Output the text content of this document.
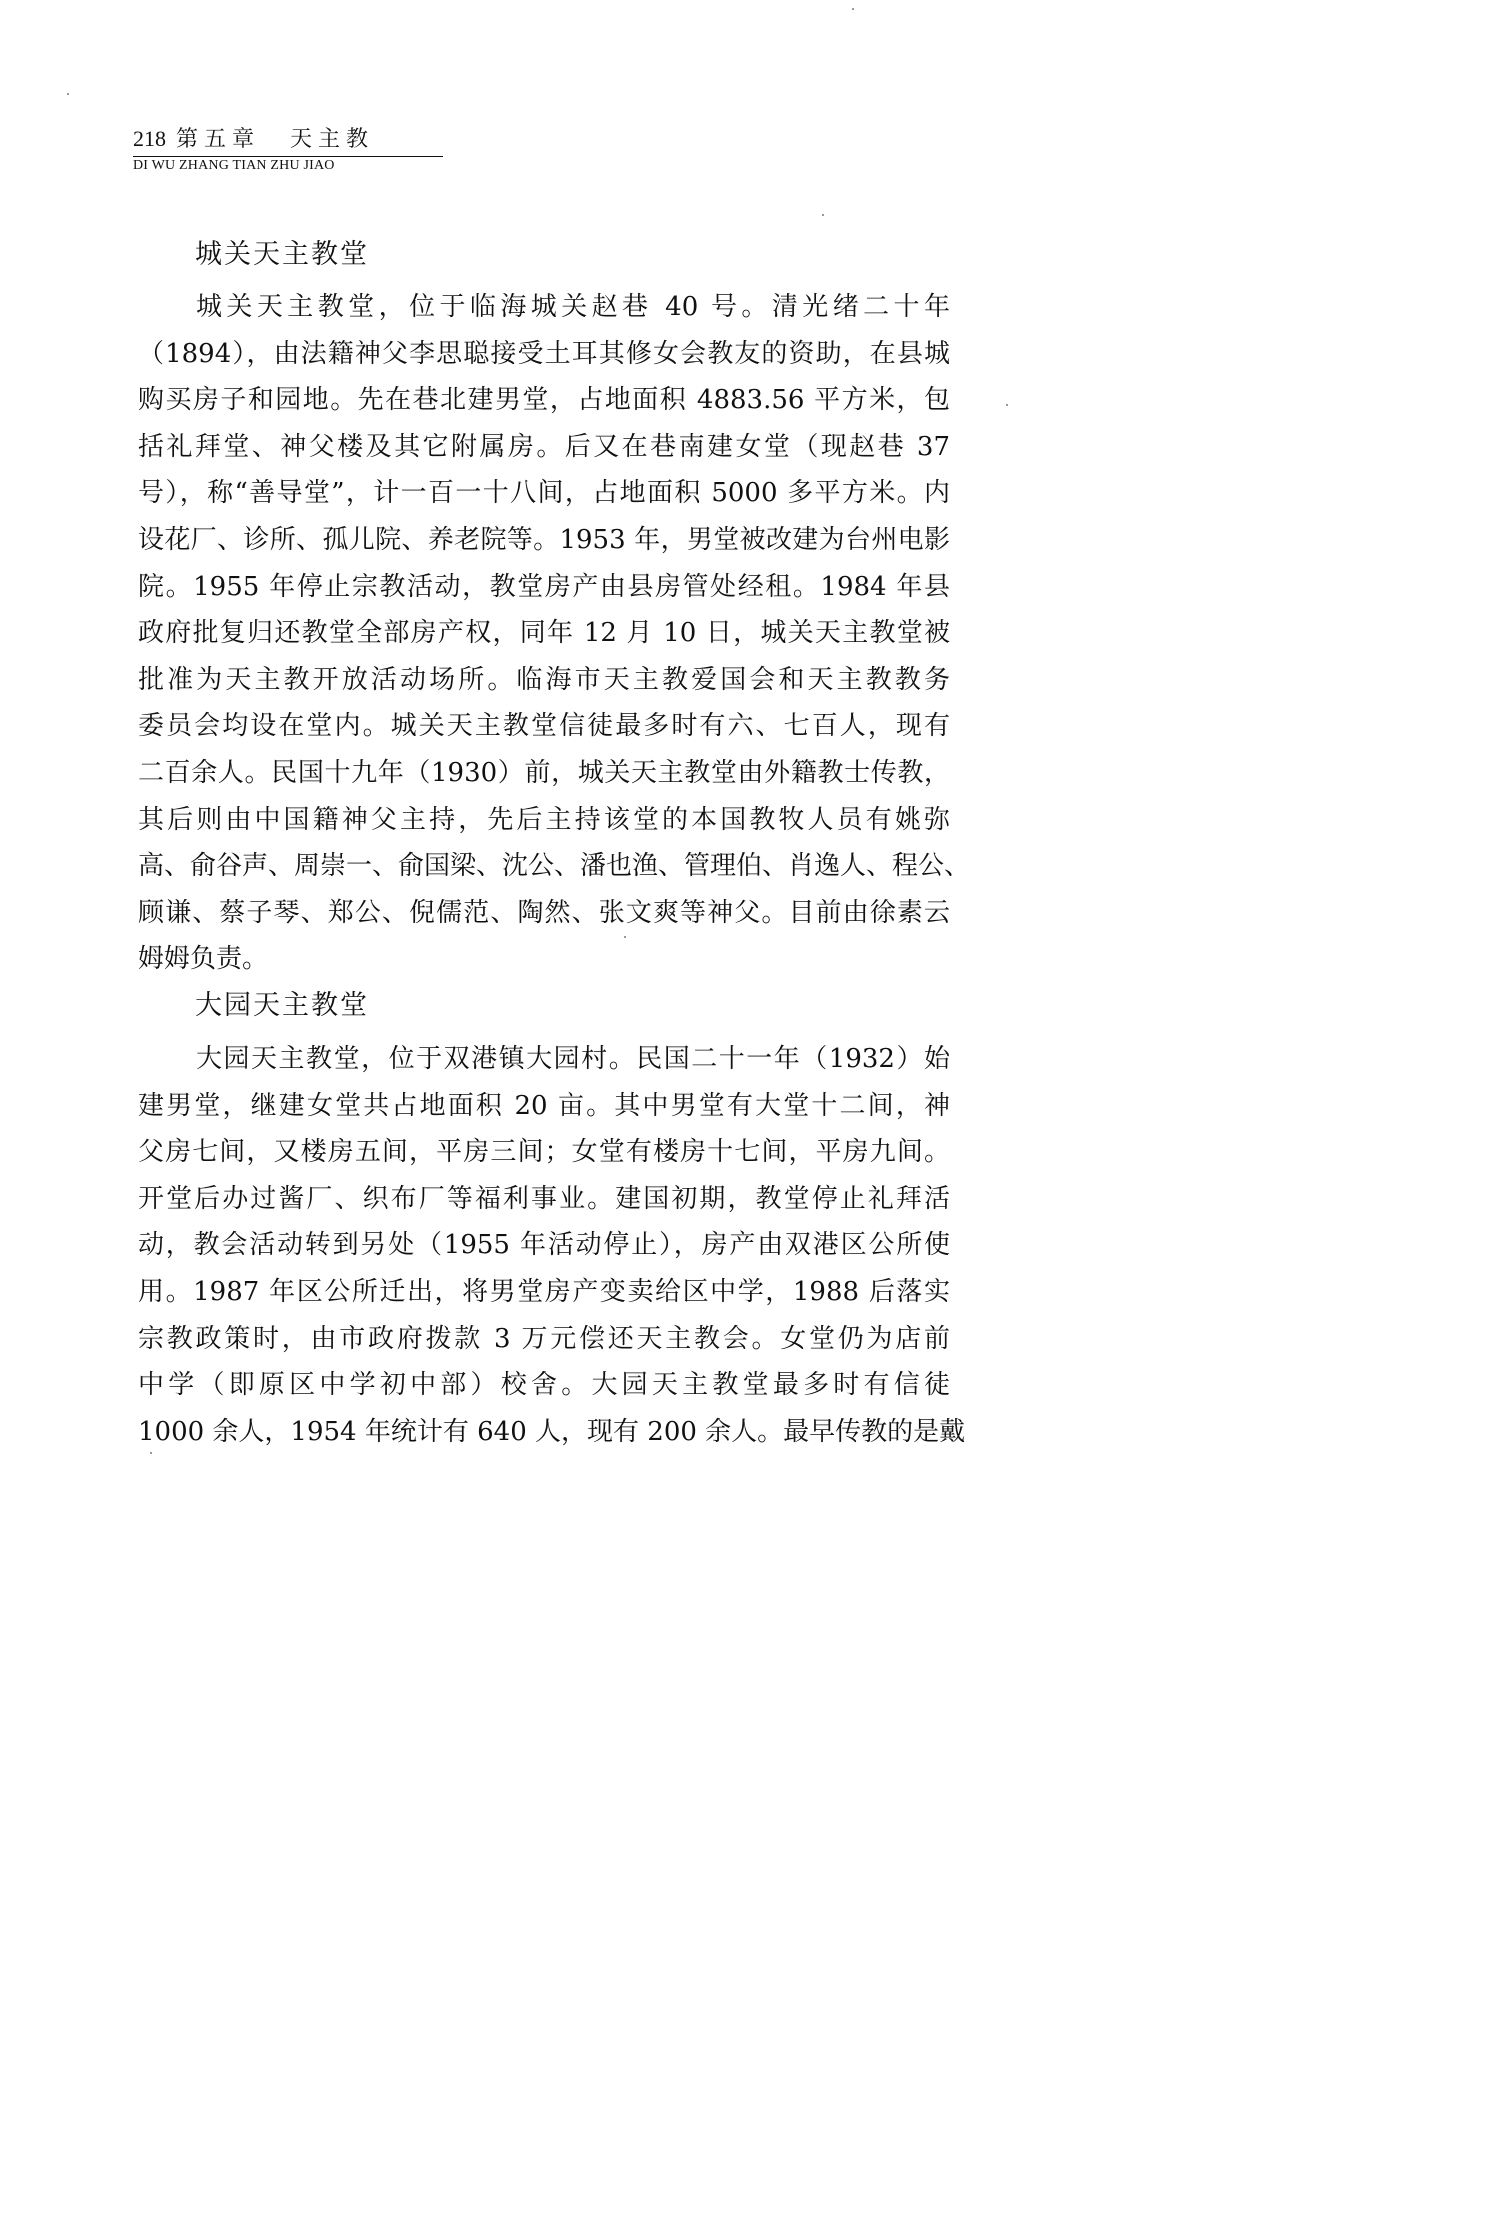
218 第五章 天主教
DI WU ZHANG TIAN ZHU JIAO
城关天主教堂
城关天主教堂，位于临海城关赵巷 40 号。清光绪二十年
（1894），由法籍神父李思聪接受土耳其修女会教友的资助，在县城
购买房子和园地。先在巷北建男堂，占地面积 4883.56 平方米，包
括礼拜堂、神父楼及其它附属房。后又在巷南建女堂（现赵巷 37
号），称“善导堂”，计一百一十八间，占地面积 5000 多平方米。内
设花厂、诊所、孤儿院、养老院等。1953 年，男堂被改建为台州电影
院。1955 年停止宗教活动，教堂房产由县房管处经租。1984 年县
政府批复归还教堂全部房产权，同年 12 月 10 日，城关天主教堂被
批准为天主教开放活动场所。临海市天主教爱国会和天主教教务
委员会均设在堂内。城关天主教堂信徒最多时有六、七百人，现有
二百余人。民国十九年（1930）前，城关天主教堂由外籍教士传教，
其后则由中国籍神父主持，先后主持该堂的本国教牧人员有姚弥
高、俞谷声、周崇一、俞国梁、沈公、潘也渔、管理伯、肖逸人、程公、
顾谦、蔡子琴、郑公、倪儒范、陶然、张文爽等神父。目前由徐素云
姆姆负责。
大园天主教堂
大园天主教堂，位于双港镇大园村。民国二十一年（1932）始
建男堂，继建女堂共占地面积 20 亩。其中男堂有大堂十二间，神
父房七间，又楼房五间，平房三间；女堂有楼房十七间，平房九间。
开堂后办过酱厂、织布厂等福利事业。建国初期，教堂停止礼拜活
动，教会活动转到另处（1955 年活动停止），房产由双港区公所使
用。1987 年区公所迁出，将男堂房产变卖给区中学，1988 后落实
宗教政策时，由市政府拨款 3 万元偿还天主教会。女堂仍为店前
中学（即原区中学初中部）校舍。大园天主教堂最多时有信徒
1000 余人，1954 年统计有 640 人，现有 200 余人。最早传教的是戴
